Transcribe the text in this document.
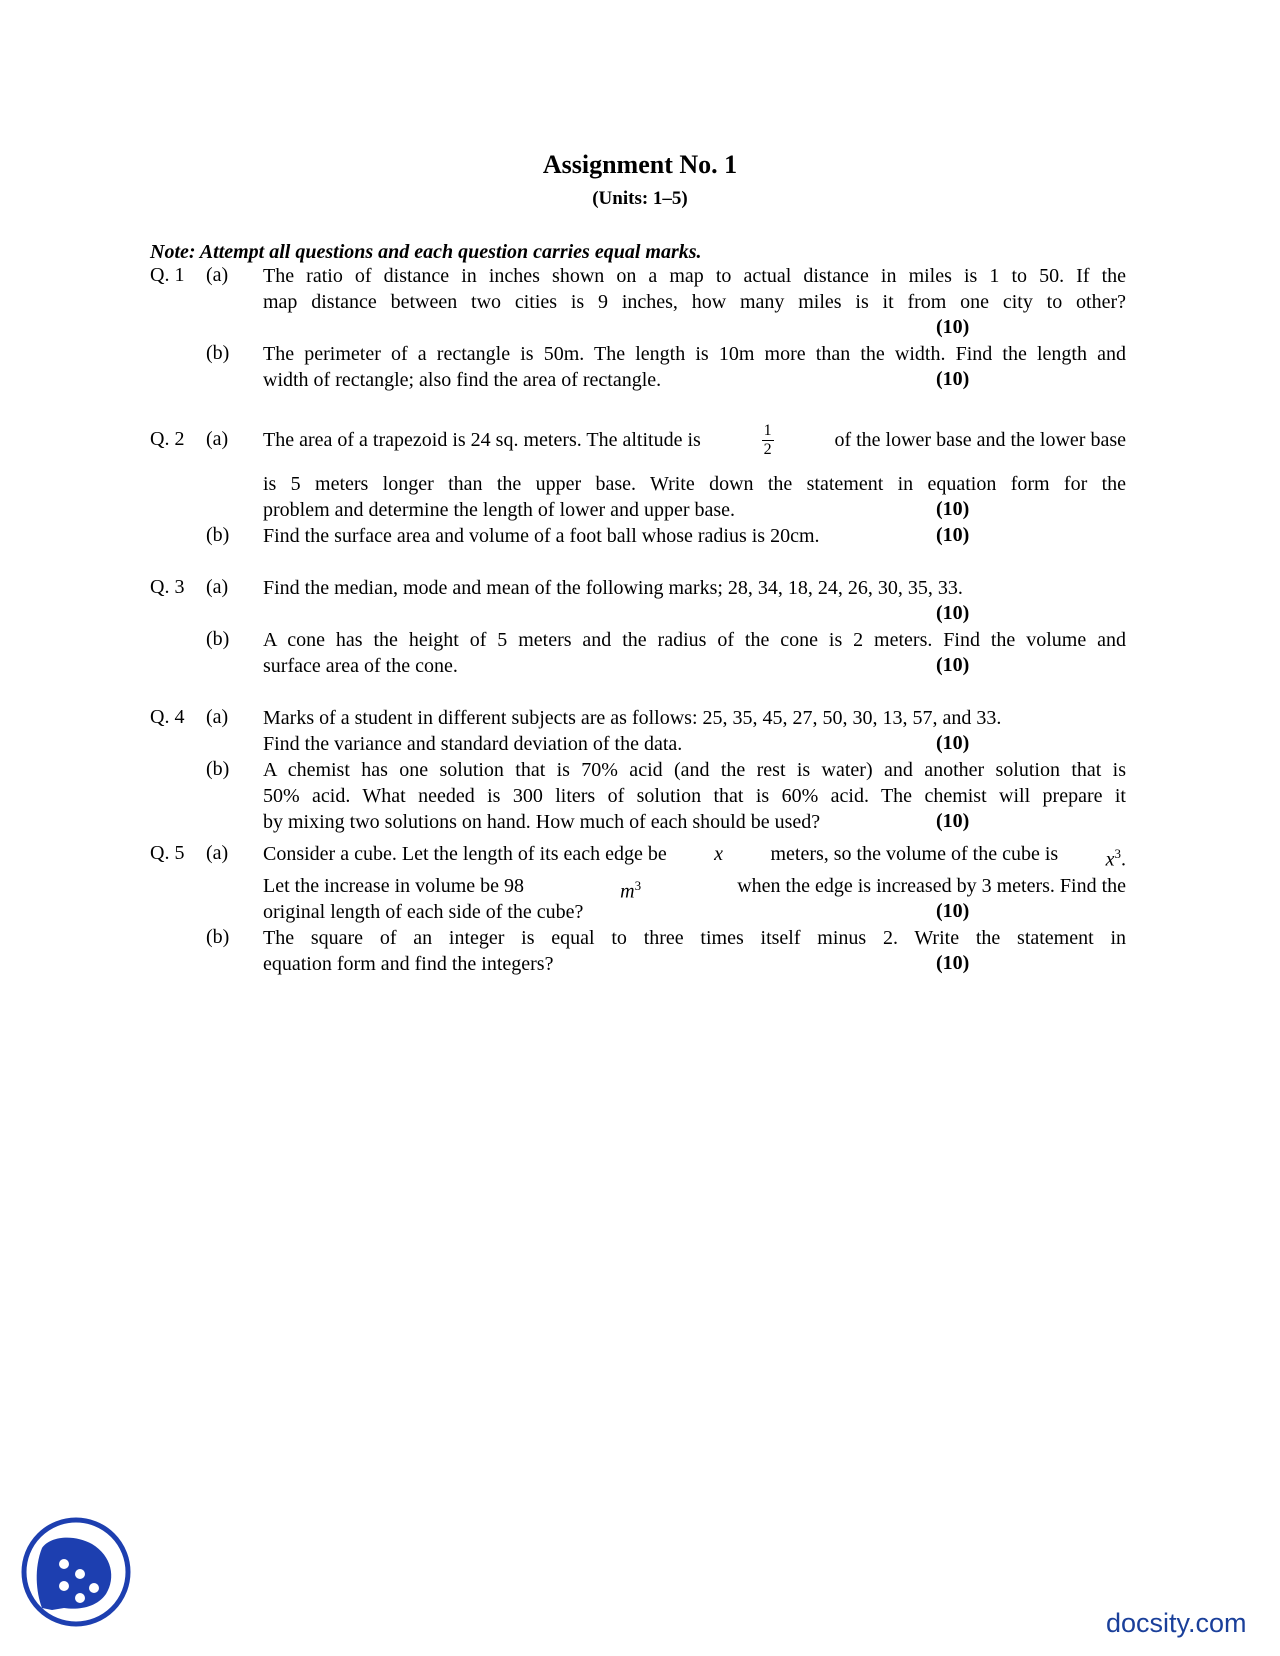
Assignment No. 1
(Units: 1–5)
Note: Attempt all questions and each question carries equal marks.
Q. 1 (a) The ratio of distance in inches shown on a map to actual distance in miles is 1 to 50. If the
map distance between two cities is 9 inches, how many miles is it from one city to other?
(10)
(b) The perimeter of a rectangle is 50m. The length is 10m more than the width. Find the length and
width of rectangle; also find the area of rectangle.	(10)
Q. 2 (a) The area of a trapezoid is 24 sq. meters. The altitude is	$\frac{1}{2}$	of the lower base and the lower base
is 5 meters longer than the upper base. Write down the statement in equation form for the
problem and determine the length of lower and upper base.	(10)
(b) Find the surface area and volume of a foot ball whose radius is 20cm.	(10)
Q. 3 (a) Find the median, mode and mean of the following marks; 28, 34, 18, 24, 26, 30, 35, 33.
(10)
(b) A cone has the height of 5 meters and the radius of the cone is 2 meters. Find the volume and
surface area of the cone.	(10)
Q. 4 (a) Marks of a student in different subjects are as follows: 25, 35, 45, 27, 50, 30, 13, 57, and 33.
Find the variance and standard deviation of the data.	(10)
(b) A chemist has one solution that is 70% acid (and the rest is water) and another solution that is
50% acid. What needed is 300 liters of solution that is 60% acid. The chemist will prepare it
by mixing two solutions on hand. How much of each should be used?	(10)
Q. 5 (a) Consider a cube. Let the length of its each edge be x meters, so the volume of the cube is $x^3$.
Let the increase in volume be 98	$m^3$	when the edge is increased by 3 meters. Find the
original length of each side of the cube?	(10)
(b) The square of an integer is equal to three times itself minus 2. Write the statement in
equation form and find the integers?	(10)
docsity.com
